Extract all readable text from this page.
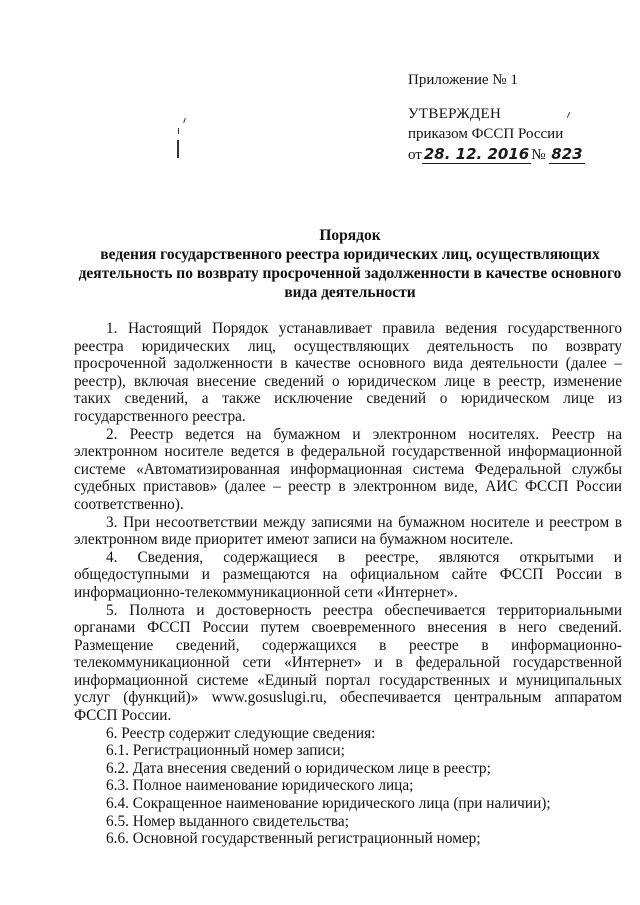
Приложение № 1
УТВЕРЖДЕН
приказом ФССП России
от 28. 12. 2016 № 823
Порядок
ведения государственного реестра юридических лиц, осуществляющих
деятельность по возврату просроченной задолженности в качестве основного
вида деятельности

1. Настоящий Порядок устанавливает правила ведения государственного реестра юридических лиц, осуществляющих деятельность по возврату просроченной задолженности в качестве основного вида деятельности (далее – реестр), включая внесение сведений о юридическом лице в реестр, изменение таких сведений, а также исключение сведений о юридическом лице из государственного реестра.

2. Реестр ведется на бумажном и электронном носителях. Реестр на электронном носителе ведется в федеральной государственной информационной системе «Автоматизированная информационная система Федеральной службы судебных приставов» (далее – реестр в электронном виде, АИС ФССП России соответственно).

3. При несоответствии между записями на бумажном носителе и реестром в электронном виде приоритет имеют записи на бумажном носителе.

4. Сведения, содержащиеся в реестре, являются открытыми и общедоступными и размещаются на официальном сайте ФССП России в информационно-телекоммуникационной сети «Интернет».

5. Полнота и достоверность реестра обеспечивается территориальными органами ФССП России путем своевременного внесения в него сведений. Размещение сведений, содержащихся в реестре в информационно-телекоммуникационной сети «Интернет» и в федеральной государственной информационной системе «Единый портал государственных и муниципальных услуг (функций)» www.gosuslugi.ru, обеспечивается центральным аппаратом ФССП России.

6. Реестр содержит следующие сведения:

6.1. Регистрационный номер записи;

6.2. Дата внесения сведений о юридическом лице в реестр;

6.3. Полное наименование юридического лица;

6.4. Сокращенное наименование юридического лица (при наличии);

6.5. Номер выданного свидетельства;

6.6. Основной государственный регистрационный номер;
